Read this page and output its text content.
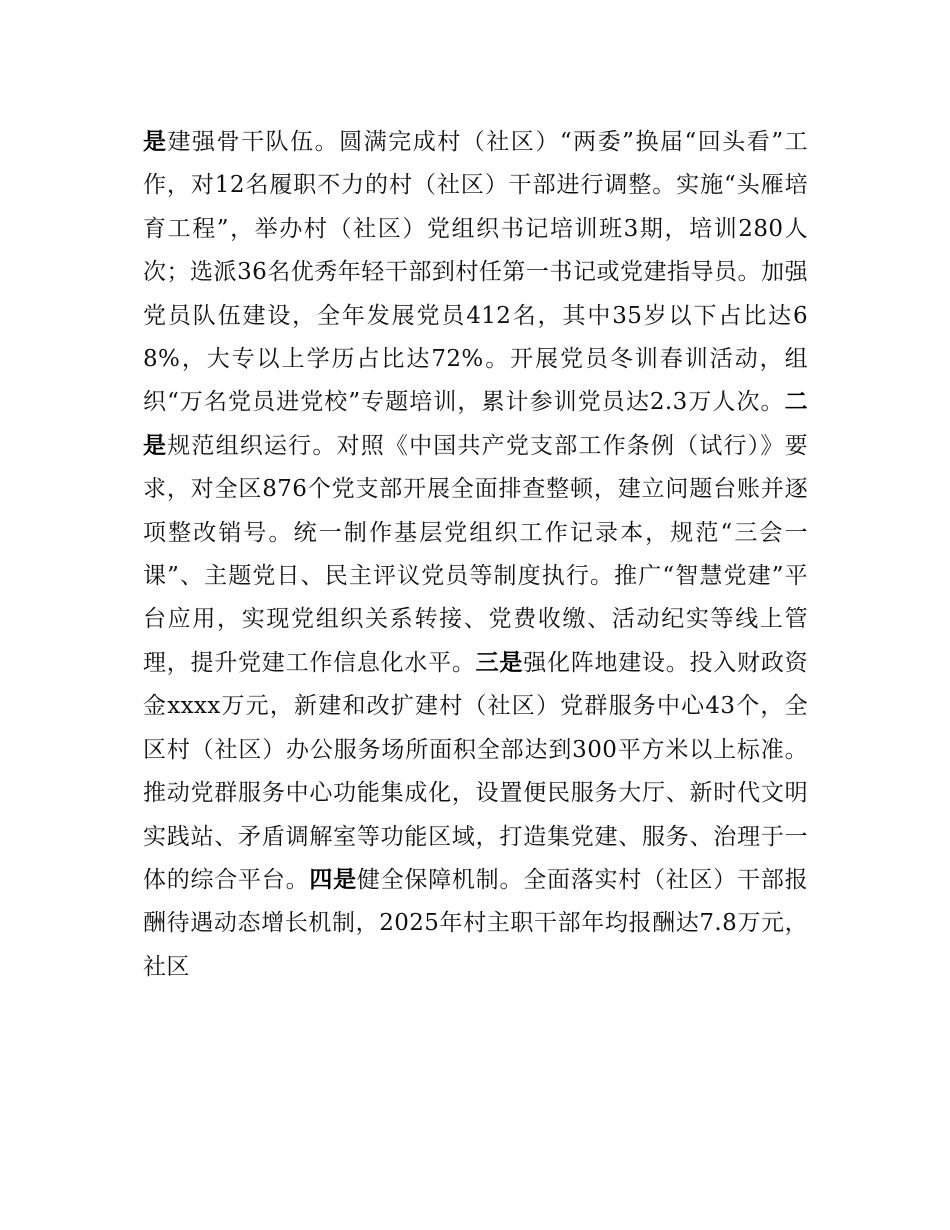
是建强骨干队伍。圆满完成村（社区）“两委”换届“回头看”工作，对12名履职不力的村（社区）干部进行调整。实施“头雁培育工程”，举办村（社区）党组织书记培训班3期，培训280人次；选派36名优秀年轻干部到村任第一书记或党建指导员。加强党员队伍建设，全年发展党员412名，其中35岁以下占比达68%，大专以上学历占比达72%。开展党员冬训春训活动，组织“万名党员进党校”专题培训，累计参训党员达2.3万人次。二是规范组织运行。对照《中国共产党支部工作条例（试行）》要求，对全区876个党支部开展全面排查整顿，建立问题台账并逐项整改销号。统一制作基层党组织工作记录本，规范“三会一课”、主题党日、民主评议党员等制度执行。推广“智慧党建”平台应用，实现党组织关系转接、党费收缴、活动纪实等线上管理，提升党建工作信息化水平。三是强化阵地建设。投入财政资金xxxx万元，新建和改扩建村（社区）党群服务中心43个，全区村（社区）办公服务场所面积全部达到300平方米以上标准。推动党群服务中心功能集成化，设置便民服务大厅、新时代文明实践站、矛盾调解室等功能区域，打造集党建、服务、治理于一体的综合平台。四是健全保障机制。全面落实村（社区）干部报酬待遇动态增长机制，2025年村主职干部年均报酬达7.8万元，社区
